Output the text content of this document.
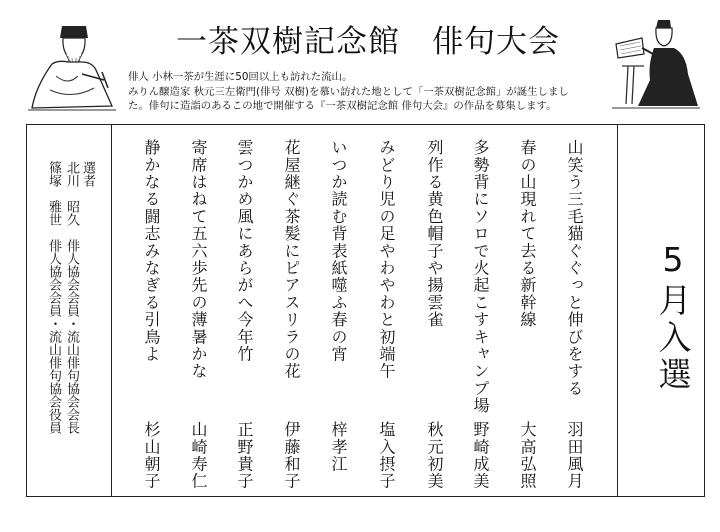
一茶双樹記念館　俳句大会
俳人 小林一茶が生涯に50回以上も訪れた流山。
みりん醸造家 秋元三左衛門(俳号 双樹)を慕い訪れた地として「一茶双樹記念館」が誕生しまし
た。俳句に造詣のあるこの地で開催する『一茶双樹記念館 俳句大会』の作品を募集します。
5月入選
山笑う三毛猫ぐぐっと伸びをする
羽田風月
春の山現れて去る新幹線
大高弘照
多勢背にソロで火起こすキャンプ場
野崎成美
列作る黄色帽子や揚雲雀
秋元初美
みどり児の足やわやわと初端午
塩入摂子
いつか読む背表紙噬ふ春の宵
梓孝江
花屋継ぐ茶髪にピアスリラの花
伊藤和子
雲つかめ風にあらがへ今年竹
正野貴子
寄席はねて五六歩先の薄暑かな
山崎寿仁
静かなる闘志みなぎる引鳥よ
杉山朝子
選者
北川　昭久　俳人協会会員・流山俳句協会会長
篠塚　雅世　俳人協会会員・流山俳句協会役員
